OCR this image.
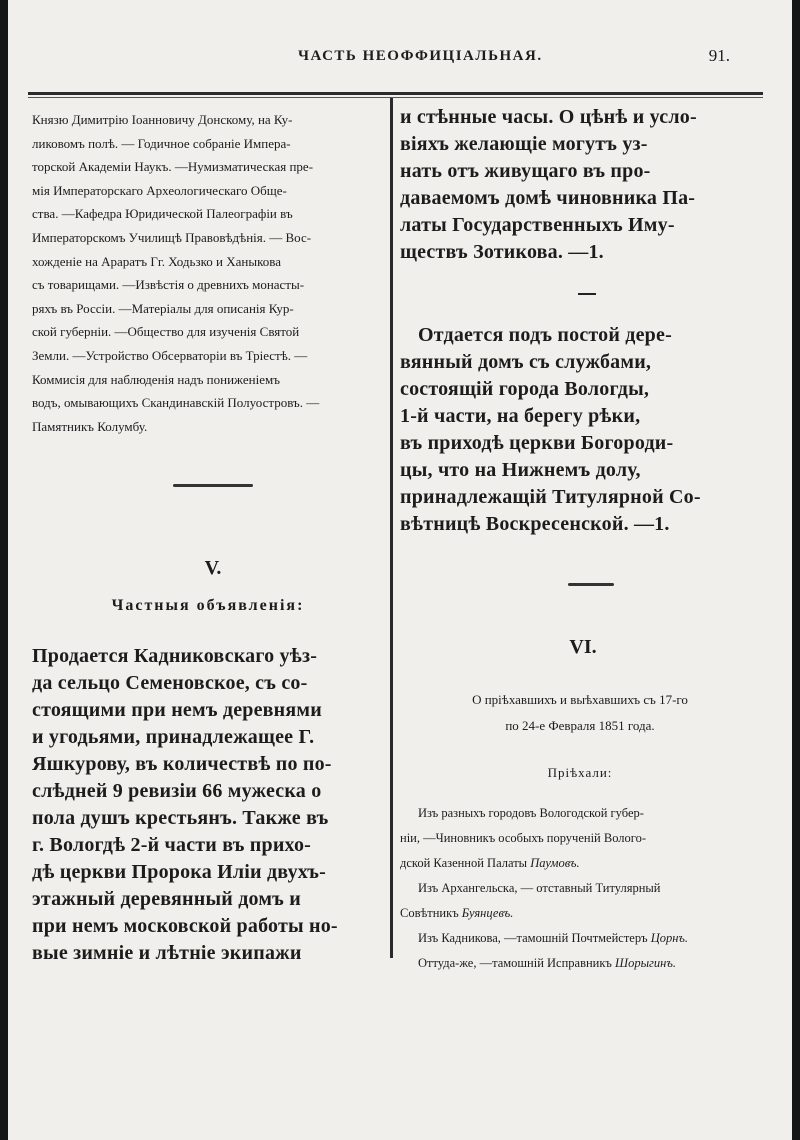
ЧАСТЬ НЕОФФИЦІАЛЬНАЯ.	91.

Князю Димитрію Іоанновичу Донскому, на Ку-

ликовомъ полѣ. — Годичное собраніе Импера-

торской Академіи Наукъ. —Нумизматическая пре-

мія Императорскаго Археологическаго Обще-

ства. —Кафедра Юридической Палеографіи въ

Императорскомъ Училищѣ Правовѣдѣнія. — Вос-

хожденіе на Араратъ Гг. Ходьзко и Ханыкова

съ товарищами. —Извѣстія о древнихъ монасты-

ряхъ въ Россіи. —Матеріалы для описанія Кур-

ской губерніи. —Общество для изученія Святой

Земли. —Устройство Обсерваторіи въ Тріестѣ. —

Коммисія для наблюденія надъ пониженіемъ

водъ, омывающихъ Скандинавскій Полуостровъ. —

Памятникъ Колумбу.

V.

Частныя объявленія:

Продается Кадниковскаго уѣз-

да сельцо Семеновское, съ со-

стоящими при немъ деревнями

и угодьями, принадлежащее Г.

Яшкурову, въ количествѣ по по-

слѣдней 9 ревизіи 66 мужеска о

пола душъ крестьянъ. Также въ

г. Вологдѣ 2-й части въ прихо-

дѣ церкви Пророка Иліи двухъ-

этажный деревянный домъ и

при немъ московской работы но-

вые зимніе и лѣтніе экипажи

и стѣнные часы. О цѣнѣ и усло-

віяхъ желающіе могутъ уз-

нать отъ живущаго въ про-

даваемомъ домѣ чиновника Па-

латы Государственныхъ Иму-

ществъ Зотикова. —1.

Отдается подъ постой дере-

вянный домъ съ службами,

состоящій города Вологды,

1-й части, на берегу рѣки,

въ приходѣ церкви Богороди-

цы, что на Нижнемъ долу,

принадлежащій Титулярной Со-

вѣтницѣ Воскресенской. —1.

VI.

О пріѣхавшихъ и выѣхавшихъ съ 17-го

по 24-е Февраля 1851 года.

Пріѣхали:

Изъ разныхъ городовъ Вологодской губер-

ніи, —Чиновникъ особыхъ порученій Волого-

дской Казенной Палаты Паумовъ.

Изъ Архангельска, — отставный Титулярный

Совѣтникъ Буянцевъ.

Изъ Кадникова, —тамошній Почтмейстеръ Цорнъ.

Оттуда-же, —тамошній Исправникъ Шорыгинъ.
